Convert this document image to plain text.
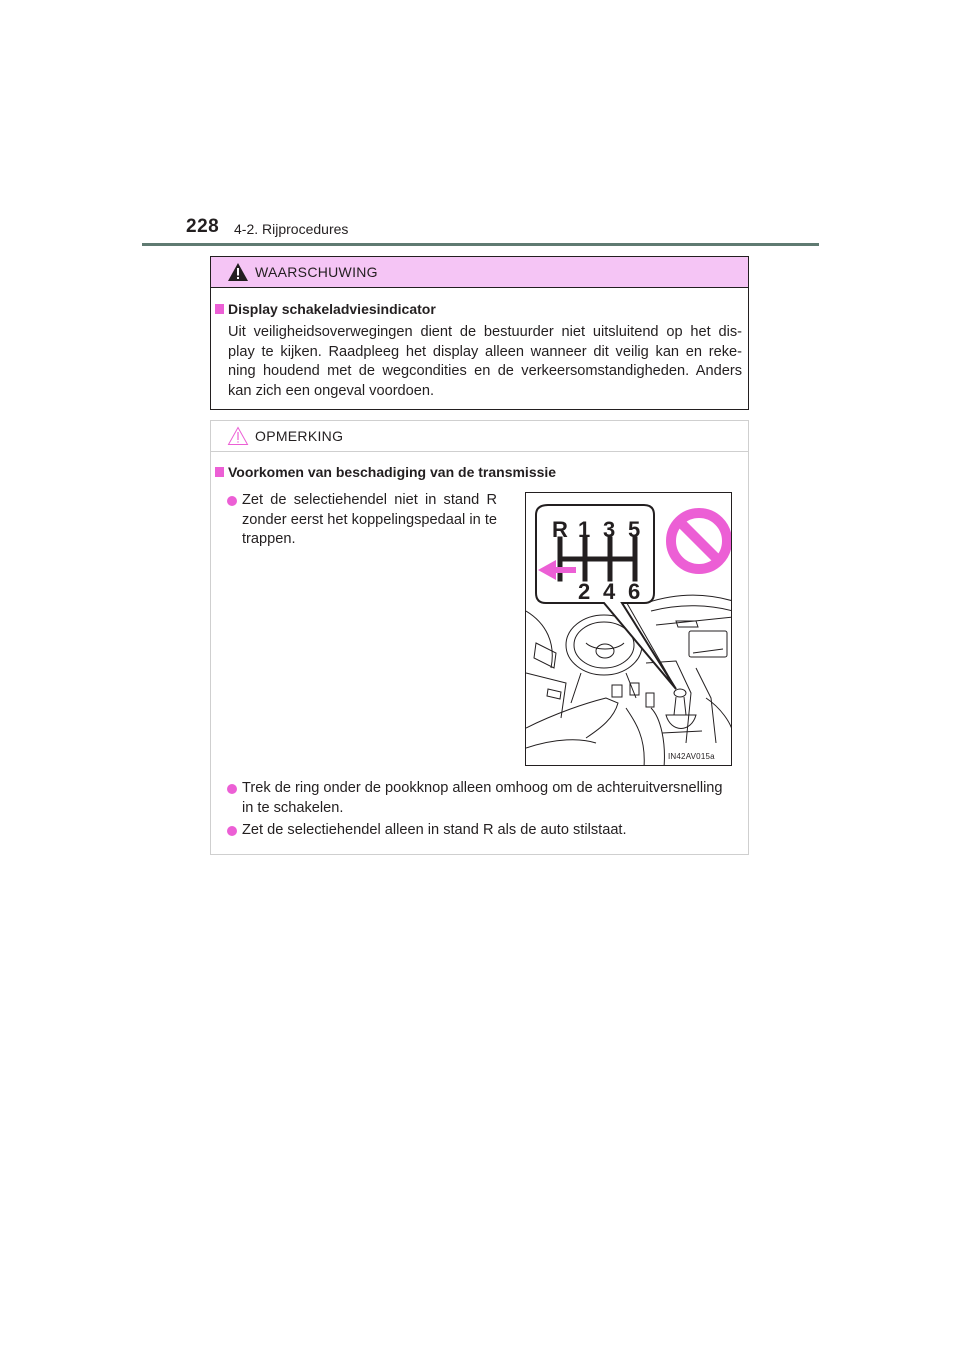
228 4-2. Rijprocedures
WAARSCHUWING
Display schakeladviesindicator
Uit veiligheidsoverwegingen dient de bestuurder niet uitsluitend op het dis-
play te kijken. Raadpleeg het display alleen wanneer dit veilig kan en reke-
ning houdend met de wegcondities en de verkeersomstandigheden. Anders
kan zich een ongeval voordoen.
OPMERKING
Voorkomen van beschadiging van de transmissie
Zet de selectiehendel niet in stand R
zonder eerst het koppelingspedaal in te
trappen.
Trek de ring onder de pookknop alleen omhoog om de achteruitversnelling
in te schakelen.
Zet de selectiehendel alleen in stand R als de auto stilstaat.
R 1 3 5
2 4 6
IN42AV015a
